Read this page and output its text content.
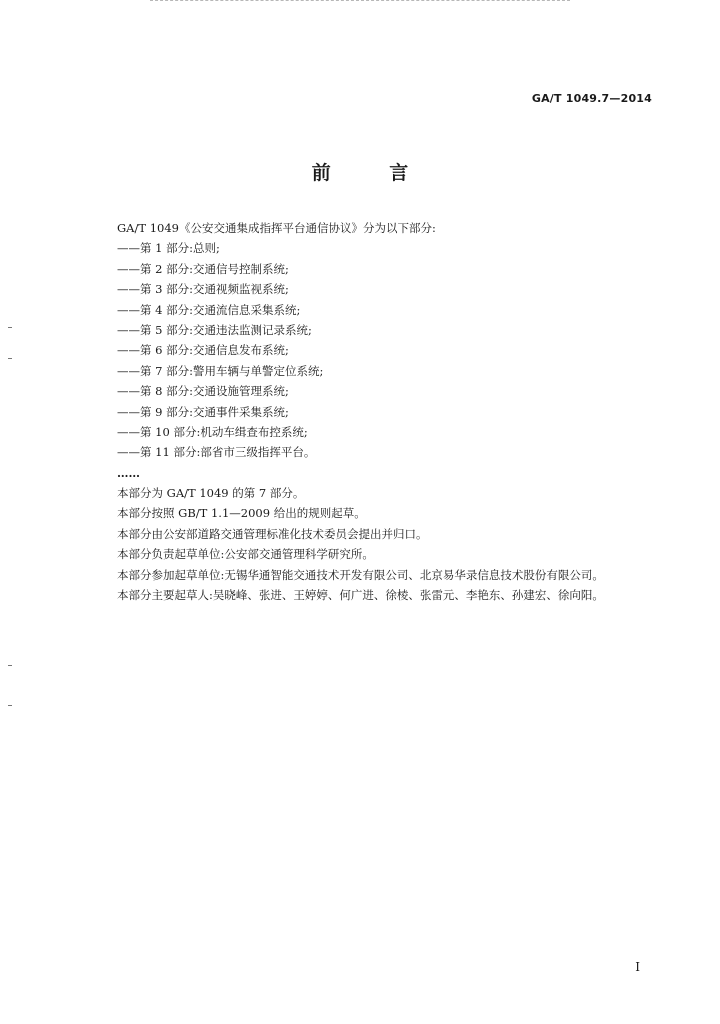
GA/T 1049.7—2014
前 言
GA/T 1049《公安交通集成指挥平台通信协议》分为以下部分:
——第 1 部分:总则;
——第 2 部分:交通信号控制系统;
——第 3 部分:交通视频监视系统;
——第 4 部分:交通流信息采集系统;
——第 5 部分:交通违法监测记录系统;
——第 6 部分:交通信息发布系统;
——第 7 部分:警用车辆与单警定位系统;
——第 8 部分:交通设施管理系统;
——第 9 部分:交通事件采集系统;
——第 10 部分:机动车缉查布控系统;
——第 11 部分:部省市三级指挥平台。
……
本部分为 GA/T 1049 的第 7 部分。
本部分按照 GB/T 1.1—2009 给出的规则起草。
本部分由公安部道路交通管理标准化技术委员会提出并归口。
本部分负责起草单位:公安部交通管理科学研究所。
本部分参加起草单位:无锡华通智能交通技术开发有限公司、北京易华录信息技术股份有限公司。
本部分主要起草人:吴晓峰、张进、王婷婷、何广进、徐棱、张雷元、李艳东、孙建宏、徐向阳。
I
